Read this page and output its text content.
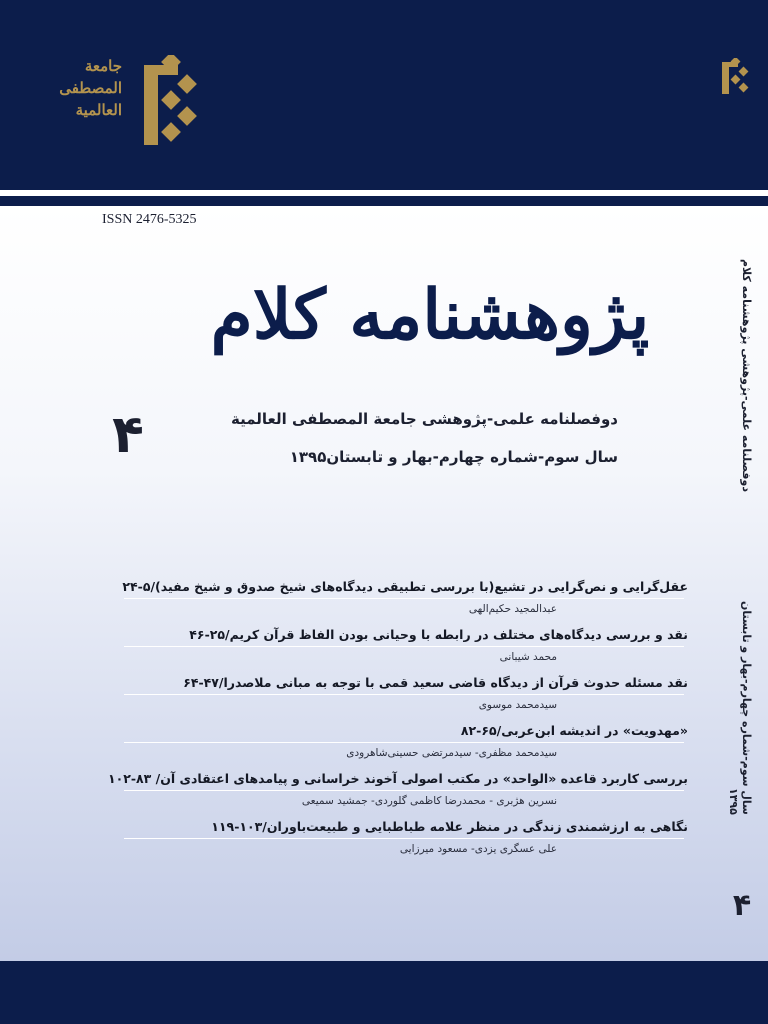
جامعة
المصطفی
العالمية
ISSN 2476-5325
پژوهشنامه کلام
دوفصلنامه علمی-پژوهشی جامعة المصطفی العالمية
سال سوم-شماره چهارم-بهار و تابستان۱۳۹۵
۴	دوفصلنامه علمی-پژوهشی پژوهشنامه کلام
سال سوم-شماره چهارم-بهار و تابستان ۱۳۹۵
۴
عقل‌گرایی و نص‌گرایی در تشیع(با بررسی تطبیقی دیدگاه‌های شیخ صدوق و شیخ مفید)/۵-۲۴
عبدالمجید حکیم‌الهی
نقد و بررسی دیدگاه‌های مختلف در رابطه با وحیانی بودن الفاظ قرآن کریم/۲۵-۴۶
محمد شیبانی
نقد مسئله حدوث قرآن از دیدگاه قاضی سعید قمی با توجه به مبانی ملاصدرا/۴۷-۶۴
سیدمحمد موسوی
«مهدویت» در اندیشه ابن‌عربی/۶۵-۸۲
سیدمحمد مظفری- سیدمرتضی حسینی‌شاهرودی
بررسی کاربرد قاعده «الواحد» در مکتب اصولی آخوند خراسانی و پیامدهای اعتقادی آن/ ۸۳-۱۰۲
نسرین هژبری - محمدرضا کاظمی گلوردی- جمشید سمیعی
نگاهی به ارزشمندی زندگی در منظر علامه طباطبایی و طبیعت‌باوران/۱۰۳-۱۱۹
علی عسگری یزدی- مسعود میرزایی
